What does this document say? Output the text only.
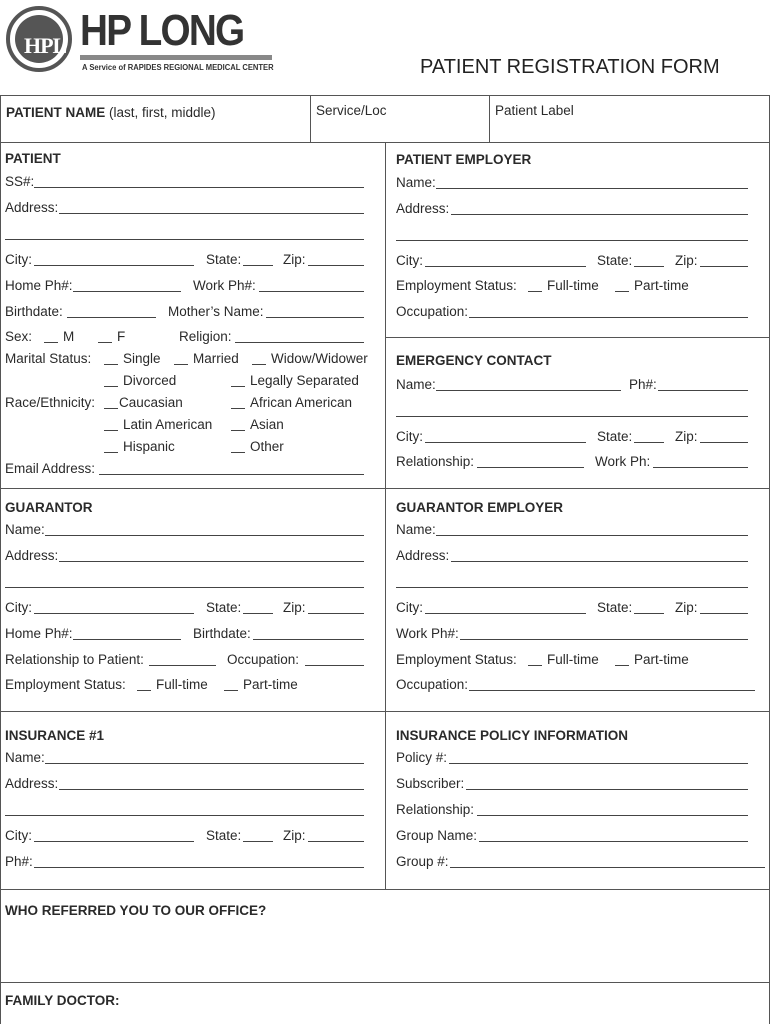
HPL HP LONG
A Service of RAPIDES REGIONAL MEDICAL CENTER	PATIENT REGISTRATION FORM
PATIENT NAME (last, first, middle)	Service/Loc	Patient Label
PATIENT
SS#:
Address:
City:	State:	Zip:
Home Ph#:	Work Ph#:
Birthdate:	Mother’s Name:
Sex: M	F	Religion:
Marital Status: Single Married Widow/Widower
Divorced	Legally Separated
Race/Ethnicity: Caucasian	African American
Latin American	Asian
Hispanic	Other
Email Address:
PATIENT EMPLOYER
Name:
Address:
City:	State:	Zip:
Employment Status: Full-time	Part-time
Occupation:
EMERGENCY CONTACT
Name:	Ph#:
City:	State:	Zip:
Relationship:	Work Ph:
GUARANTOR
Name:
Address:
City:	State:	Zip:
Home Ph#:	Birthdate:
Relationship to Patient:	Occupation:
Employment Status: Full-time	Part-time
GUARANTOR EMPLOYER
Name:
Address:
City:	State:	Zip:
Work Ph#:
Employment Status: Full-time	Part-time
Occupation:
INSURANCE #1
Name:
Address:
City:	State:	Zip:
Ph#:
INSURANCE POLICY INFORMATION
Policy #:
Subscriber:
Relationship:
Group Name:
Group #:
WHO REFERRED YOU TO OUR OFFICE?
FAMILY DOCTOR:
